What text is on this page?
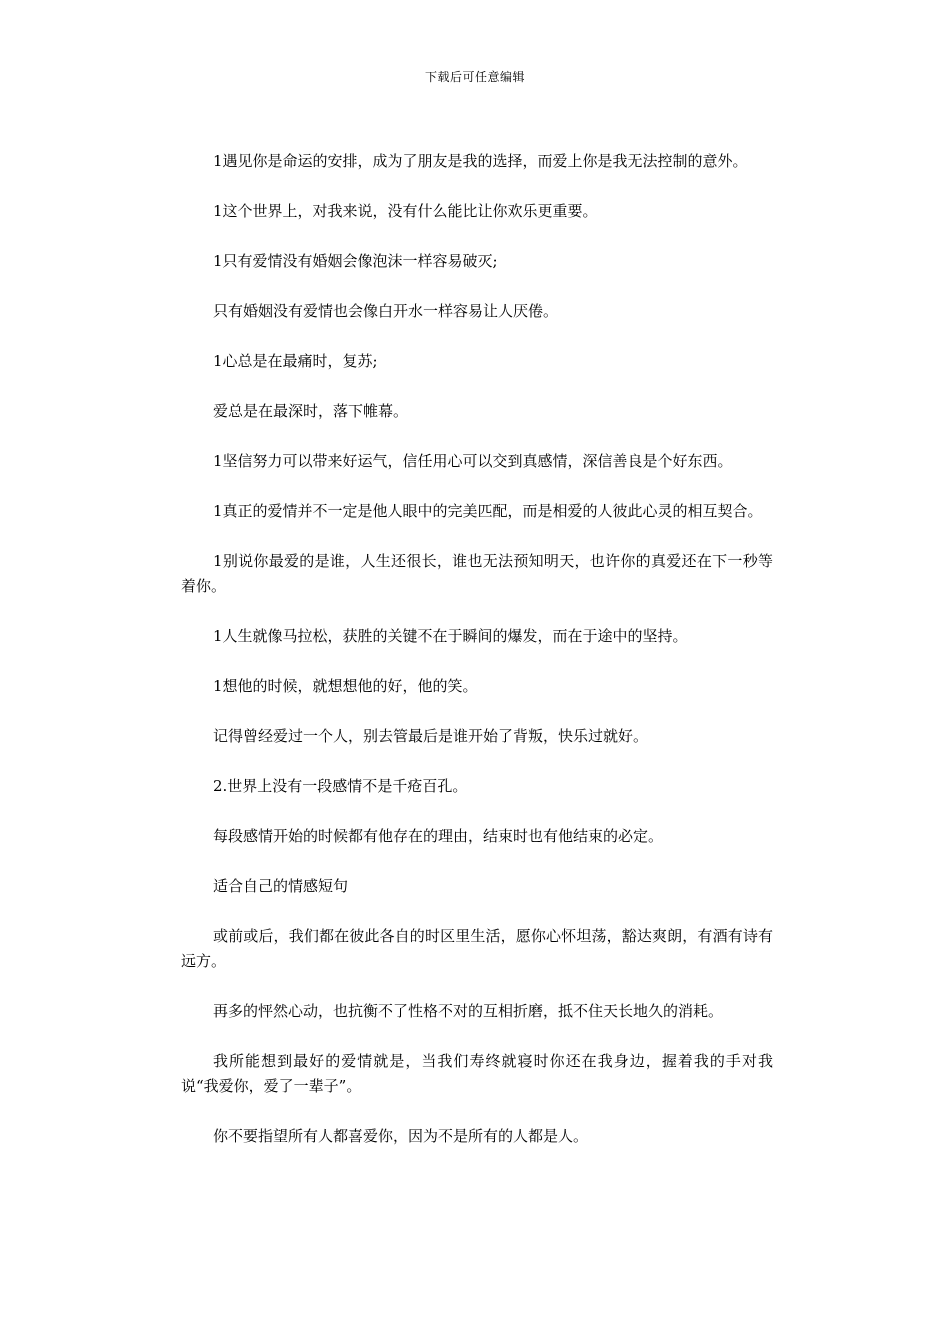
下载后可任意编辑

1遇见你是命运的安排，成为了朋友是我的选择，而爱上你是我无法控制的意外。

1这个世界上，对我来说，没有什么能比让你欢乐更重要。

1只有爱情没有婚姻会像泡沫一样容易破灭;

只有婚姻没有爱情也会像白开水一样容易让人厌倦。

1心总是在最痛时，复苏;

爱总是在最深时，落下帷幕。

1坚信努力可以带来好运气，信任用心可以交到真感情，深信善良是个好东西。

1真正的爱情并不一定是他人眼中的完美匹配，而是相爱的人彼此心灵的相互契合。

1别说你最爱的是谁，人生还很长，谁也无法预知明天，也许你的真爱还在下一秒等着你。

1人生就像马拉松，获胜的关键不在于瞬间的爆发，而在于途中的坚持。

1想他的时候，就想想他的好，他的笑。

记得曾经爱过一个人，别去管最后是谁开始了背叛，快乐过就好。

2.世界上没有一段感情不是千疮百孔。

每段感情开始的时候都有他存在的理由，结束时也有他结束的必定。

适合自己的情感短句

或前或后，我们都在彼此各自的时区里生活，愿你心怀坦荡，豁达爽朗，有酒有诗有远方。

再多的怦然心动，也抗衡不了性格不对的互相折磨，抵不住天长地久的消耗。

我所能想到最好的爱情就是，当我们寿终就寝时你还在我身边，握着我的手对我说“我爱你，爱了一辈子”。

你不要指望所有人都喜爱你，因为不是所有的人都是人。
